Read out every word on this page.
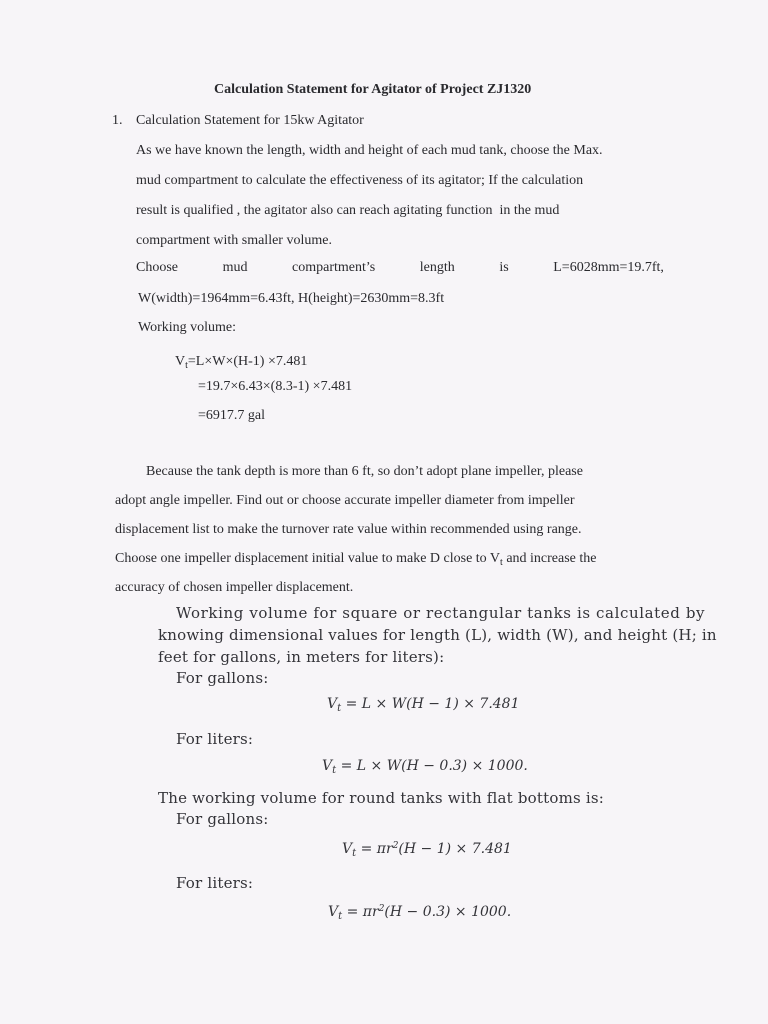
Calculation Statement for Agitator of Project ZJ1320
1. Calculation Statement for 15kw Agitator
As we have known the length, width and height of each mud tank, choose the Max.
mud compartment to calculate the effectiveness of its agitator; If the calculation
result is qualified , the agitator also can reach agitating function  in the mud
compartment with smaller volume.
Choose	mud	compartment’s	length	is	L=6028mm=19.7ft,
W(width)=1964mm=6.43ft, H(height)=2630mm=8.3ft
Working volume:
$V_t=L\times W\times(H-1) \times 7.481$
=19.7×6.43×(8.3-1) ×7.481
=6917.7 gal
Because the tank depth is more than 6 ft, so don’t adopt plane impeller, please
adopt angle impeller. Find out or choose accurate impeller diameter from impeller
displacement list to make the turnover rate value within recommended using range.
Choose one impeller displacement initial value to make D close to $V_t$ and increase the
accuracy of chosen impeller displacement.
Working volume for square or rectangular tanks is calculated by
knowing dimensional values for length (L), width (W), and height (H; in
feet for gallons, in meters for liters):
For gallons:
$V_t = L \times W(H - 1) \times 7.481$
For liters:
$V_t = L \times W(H - 0.3) \times 1000$.
The working volume for round tanks with flat bottoms is:
For gallons:
$V_t = \pi r^2(H - 1) \times 7.481$
For liters:
$V_t = \pi r^2(H - 0.3) \times 1000$.
